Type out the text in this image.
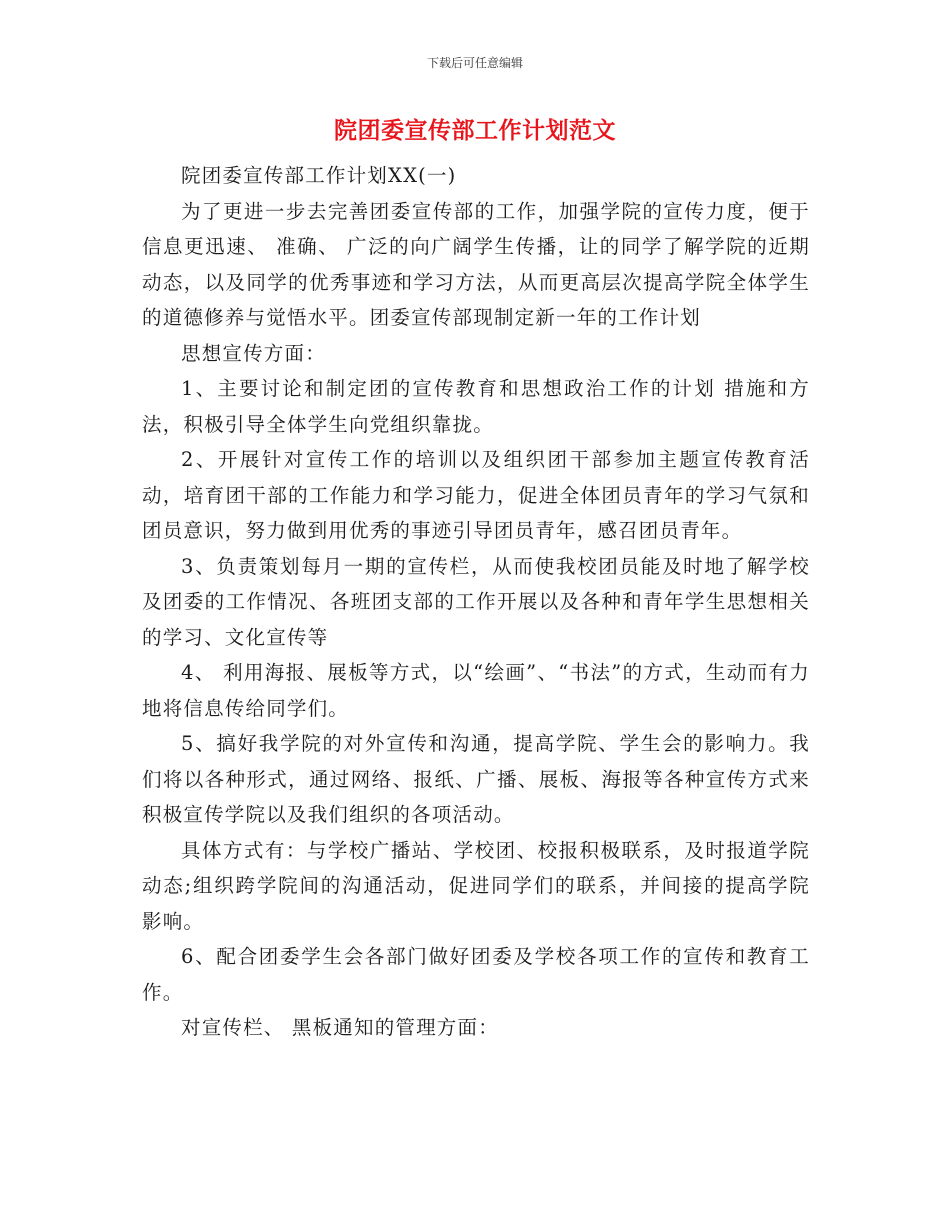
下载后可任意编辑
院团委宣传部工作计划范文

院团委宣传部工作计划XX(一)

为了更进一步去完善团委宣传部的工作，加强学院的宣传力度，便于信息更迅速、 准确、 广泛的向广阔学生传播，让的同学了解学院的近期动态，以及同学的优秀事迹和学习方法，从而更高层次提高学院全体学生的道德修养与觉悟水平。团委宣传部现制定新一年的工作计划

思想宣传方面：

1、主要讨论和制定团的宣传教育和思想政治工作的计划 措施和方法，积极引导全体学生向党组织靠拢。

2、开展针对宣传工作的培训以及组织团干部参加主题宣传教育活动，培育团干部的工作能力和学习能力，促进全体团员青年的学习气氛和团员意识，努力做到用优秀的事迹引导团员青年，感召团员青年。

3、负责策划每月一期的宣传栏，从而使我校团员能及时地了解学校及团委的工作情况、各班团支部的工作开展以及各种和青年学生思想相关的学习、文化宣传等

4、 利用海报、展板等方式，以“绘画”、“书法”的方式，生动而有力地将信息传给同学们。

5、搞好我学院的对外宣传和沟通，提高学院、学生会的影响力。我们将以各种形式，通过网络、报纸、广播、展板、海报等各种宣传方式来积极宣传学院以及我们组织的各项活动。

具体方式有：与学校广播站、学校团、校报积极联系，及时报道学院动态;组织跨学院间的沟通活动，促进同学们的联系，并间接的提高学院影响。

6、配合团委学生会各部门做好团委及学校各项工作的宣传和教育工作。

对宣传栏、 黑板通知的管理方面：
